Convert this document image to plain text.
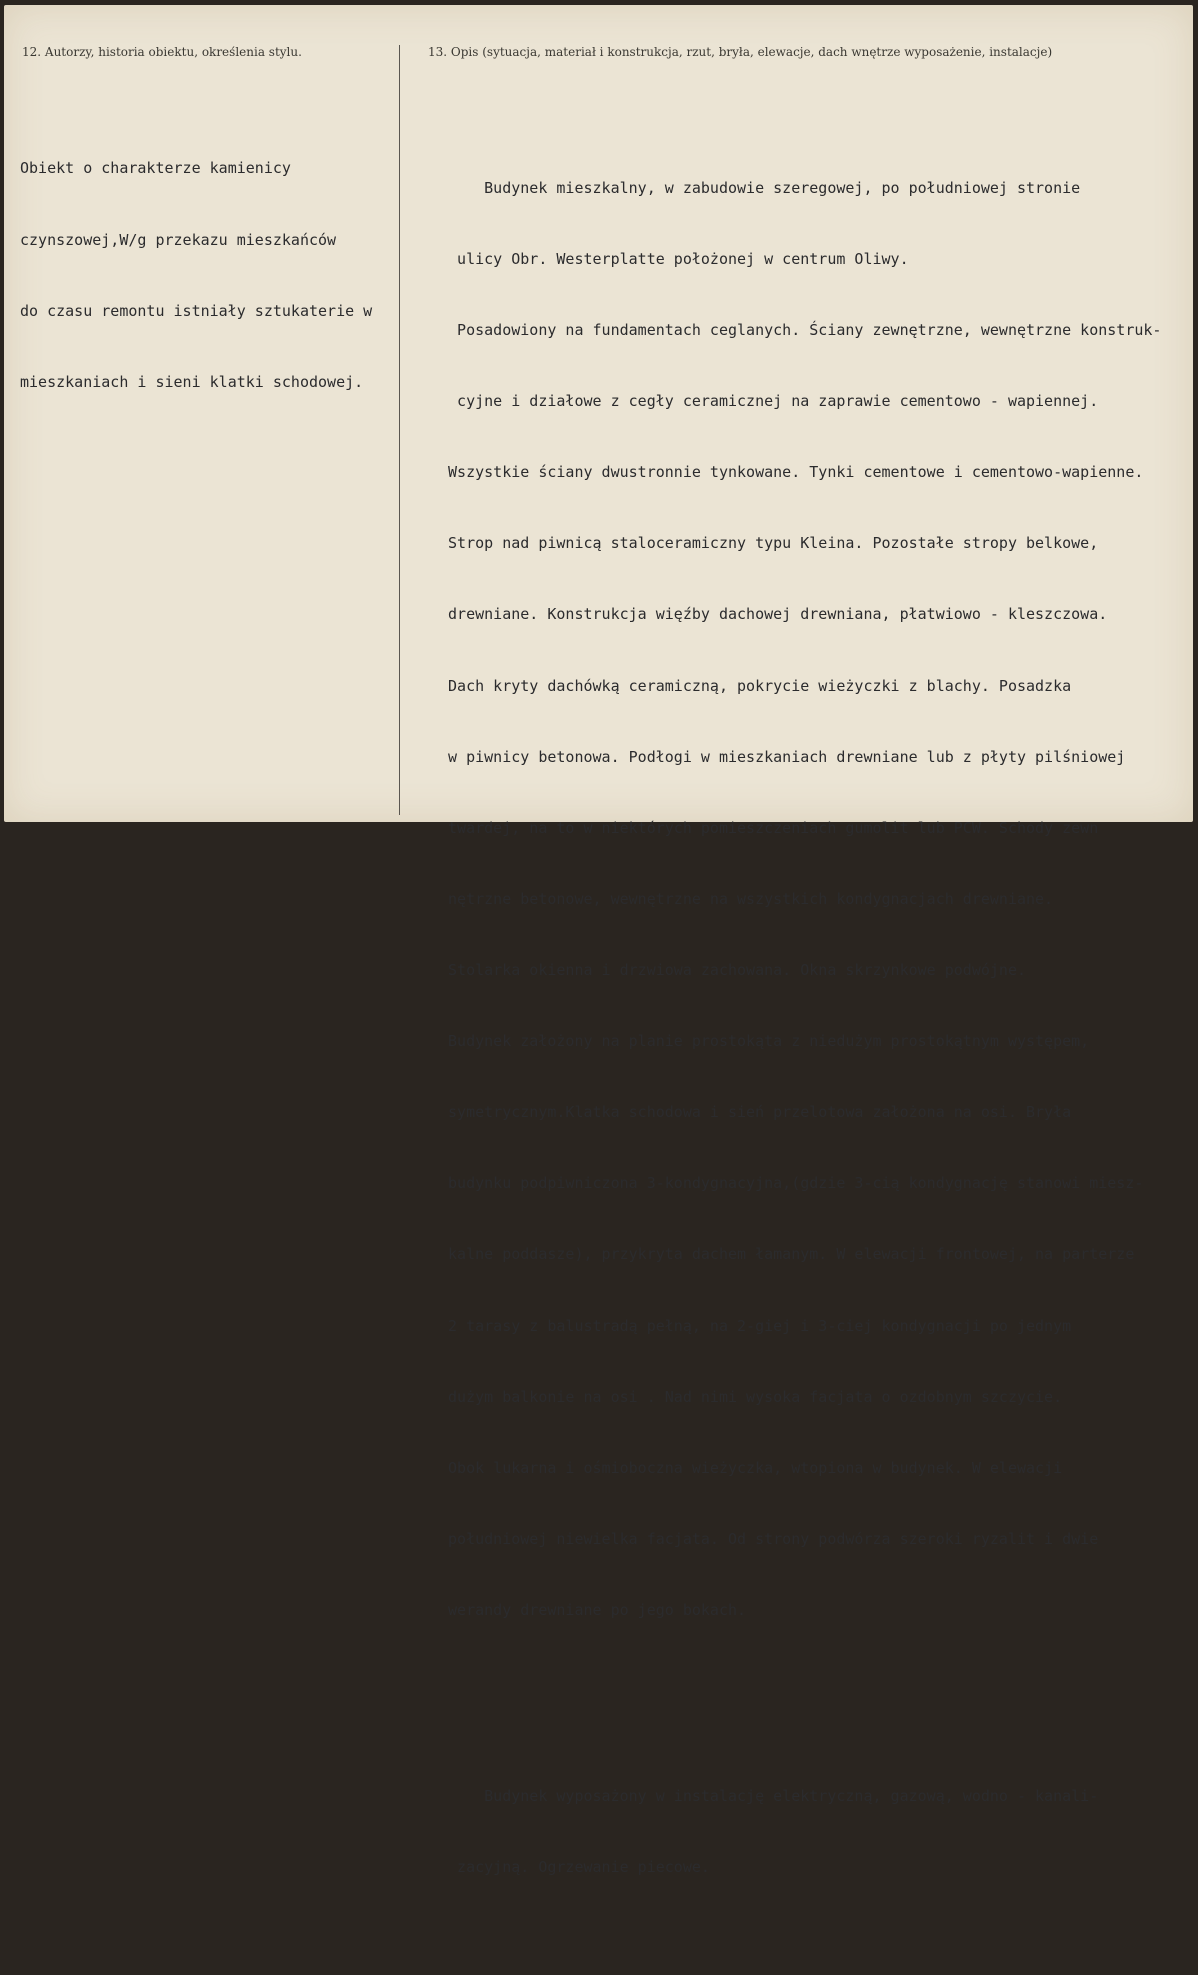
12. Autorzy, historia obiektu, określenia stylu.	13. Opis (sytuacja, materiał i konstrukcja, rzut, bryła, elewacje, dach wnętrze wyposażenie, instalacje)

Obiekt o charakterze kamienicy

czynszowej,W/g przekazu mieszkańców

do czasu remontu istniały sztukaterie w

mieszkaniach i sieni klatki schodowej.

Budynek mieszkalny, w zabudowie szeregowej, po południowej stronie

ulicy Obr. Westerplatte położonej w centrum Oliwy.

Posadowiony na fundamentach ceglanych. Ściany zewnętrzne, wewnętrzne konstruk-

cyjne i działowe z cegły ceramicznej na zaprawie cementowo - wapiennej.

Wszystkie ściany dwustronnie tynkowane. Tynki cementowe i cementowo-wapienne.

Strop nad piwnicą staloceramiczny typu Kleina. Pozostałe stropy belkowe,

drewniane. Konstrukcja więźby dachowej drewniana, płatwiowo - kleszczowa.

Dach kryty dachówką ceramiczną, pokrycie wieżyczki z blachy. Posadzka

w piwnicy betonowa. Podłogi w mieszkaniach drewniane lub z płyty pilśniowej

twardej, na to w niektórych pomieszczeniach gumolit lub PCW. Schody zewn

nętrzne betonowe, wewnętrzne na wszystkich kondygnacjach drewniane.

Stolarka okienna i drzwiowa zachowana. Okna skrzynkowe podwójne.

Budynek założony na planie prostokąta z niedużym prostokątnym występem,

symetrycznym.Klatka schodowa i sień przelotowa założona na osi. Bryła

budynku podpiwniczona 3-kondygnacyjna,(gdzie 3-cią kondygnację stanowi miesz-

kalne poddasze), przykryta dachem łamanym. W elewacji frontowej, na parterze

2 tarasy z balustradą pełną, na 2-giej i 3-ciej kondygnacji po jednym

dużym balkonie na osi . Nad nimi wysoka facjata o ozdobnym szczycie.

Obok lukarna i ośmioboczna wieżyczka, wtopiona w budynek. W elewacji

południowej niewielka facjata. Od strony podwórza szeroki ryzalit i dwie

werandy drewniane po jego bokach.

Budynek wyposażony w instalację elektryczną, gazową, wodno - kanali-

zacyjną. Ogrzewanie piecowe.
